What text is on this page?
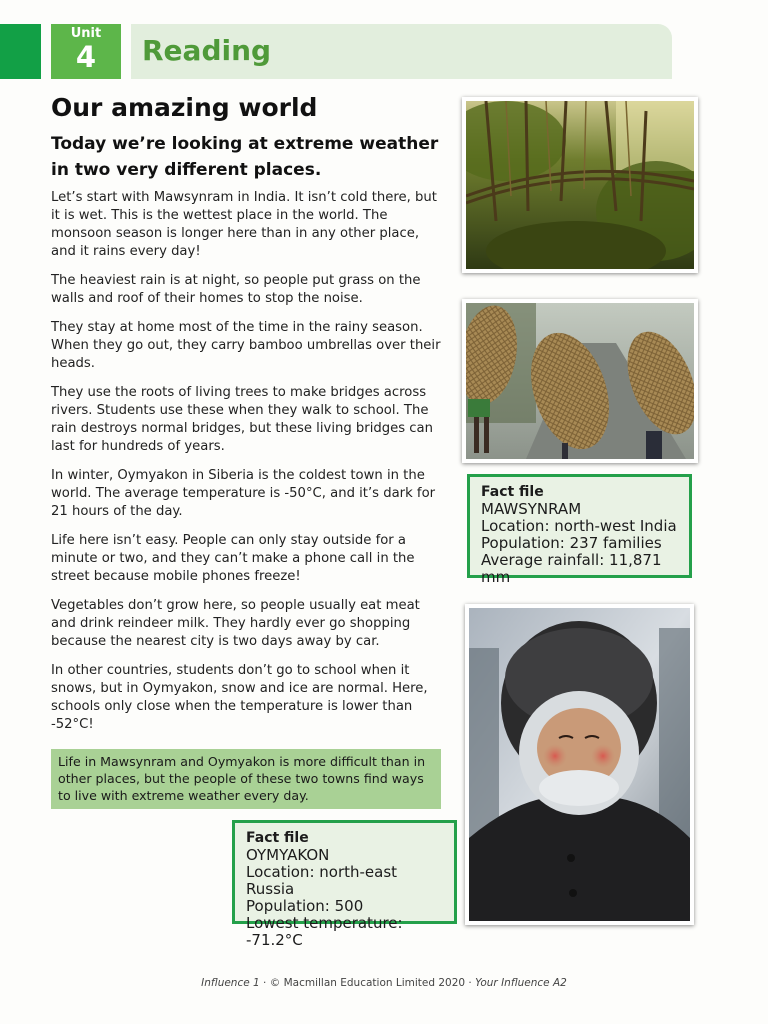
Unit
4	Reading
Our amazing world
Today we’re looking at extreme weather in two very different places.

Let’s start with Mawsynram in India. It isn’t cold there, but it is wet. This is the wettest place in the world. The monsoon season is longer here than in any other place, and it rains every day!

The heaviest rain is at night, so people put grass on the walls and roof of their homes to stop the noise.

They stay at home most of the time in the rainy season. When they go out, they carry bamboo umbrellas over their heads.

They use the roots of living trees to make bridges across rivers. Students use these when they walk to school. The rain destroys normal bridges, but these living bridges can last for hundreds of years.

In winter, Oymyakon in Siberia is the coldest town in the world. The average temperature is -50°C, and it’s dark for 21 hours of the day.

Life here isn’t easy. People can only stay outside for a minute or two, and they can’t make a phone call in the street because mobile phones freeze!

Vegetables don’t grow here, so people usually eat meat and drink reindeer milk. They hardly ever go shopping because the nearest city is two days away by car.

In other countries, students don’t go to school when it snows, but in Oymyakon, snow and ice are normal. Here, schools only close when the temperature is lower than -52°C!

Life in Mawsynram and Oymyakon is more difficult than in other places, but the people of these two towns find ways to live with extreme weather every day.
Fact file
MAWSYNRAM
Location: north-west India
Population: 237 families
Average rainfall: 11,871 mm
Fact file
OYMYAKON
Location: north-east Russia
Population: 500
Lowest temperature: -71.2°C
Influence 1 · © Macmillan Education Limited 2020 · Your Influence A2
